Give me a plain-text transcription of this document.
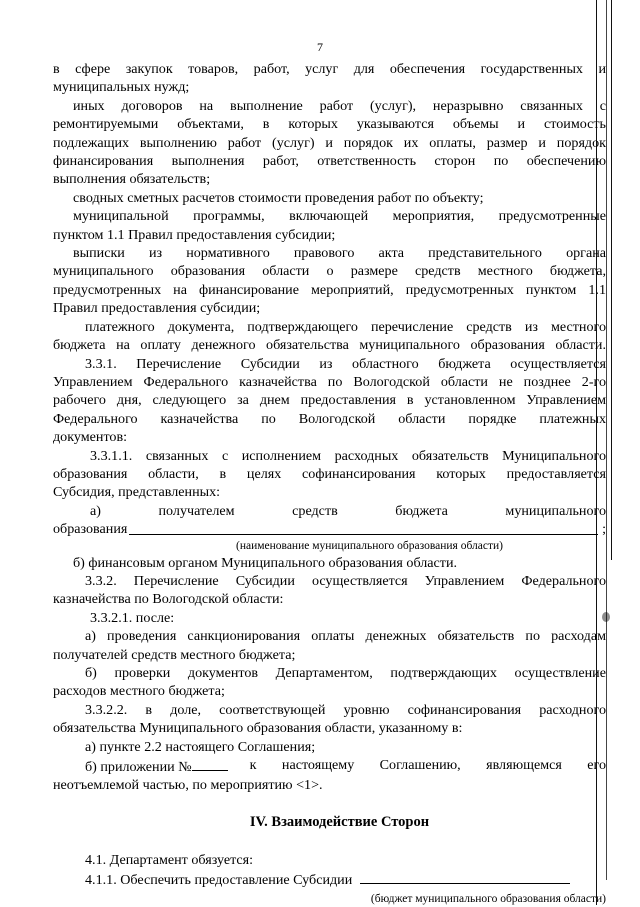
7
в сфере закупок товаров, работ, услуг для обеспечения государственных и
муниципальных нужд;
иных договоров на выполнение работ (услуг), неразрывно связанных с
ремонтируемыми объектами, в которых указываются объемы и стоимость
подлежащих выполнению работ (услуг) и порядок их оплаты, размер и порядок
финансирования выполнения работ, ответственность сторон по обеспечению
выполнения обязательств;
сводных сметных расчетов стоимости проведения работ по объекту;
муниципальной программы, включающей мероприятия, предусмотренные
пунктом 1.1 Правил предоставления субсидии;
выписки из нормативного правового акта представительного органа
муниципального образования области о размере средств местного бюджета,
предусмотренных на финансирование мероприятий, предусмотренных пунктом 1.1
Правил предоставления субсидии;
платежного документа, подтверждающего перечисление средств из местного
бюджета на оплату денежного обязательства муниципального образования области.
3.3.1. Перечисление Субсидии из областного бюджета осуществляется
Управлением Федерального казначейства по Вологодской области не позднее 2-го
рабочего дня, следующего за днем предоставления в установленном Управлением
Федерального казначейства по Вологодской области порядке платежных
документов:
3.3.1.1. связанных с исполнением расходных обязательств Муниципального
образования области, в целях софинансирования которых предоставляется
Субсидия, представленных:
а) получателем средств бюджета муниципального
образования	;
(наименование муниципального образования области)
б) финансовым органом Муниципального образования области.
3.3.2. Перечисление Субсидии осуществляется Управлением Федерального
казначейства по Вологодской области:
3.3.2.1. после:
а) проведения санкционирования оплаты денежных обязательств по расходам
получателей средств местного бюджета;
б) проверки документов Департаментом, подтверждающих осуществление
расходов местного бюджета;
3.3.2.2. в доле, соответствующей уровню софинансирования расходного
обязательства Муниципального образования области, указанному в:
а) пункте 2.2 настоящего Соглашения;
б) приложении №	к настоящему Соглашению, являющемся его
неотъемлемой частью, по мероприятию <1>.
IV. Взаимодействие Сторон
4.1. Департамент обязуется:
4.1.1. Обеспечить предоставление Субсидии
(бюджет муниципального образования области)
